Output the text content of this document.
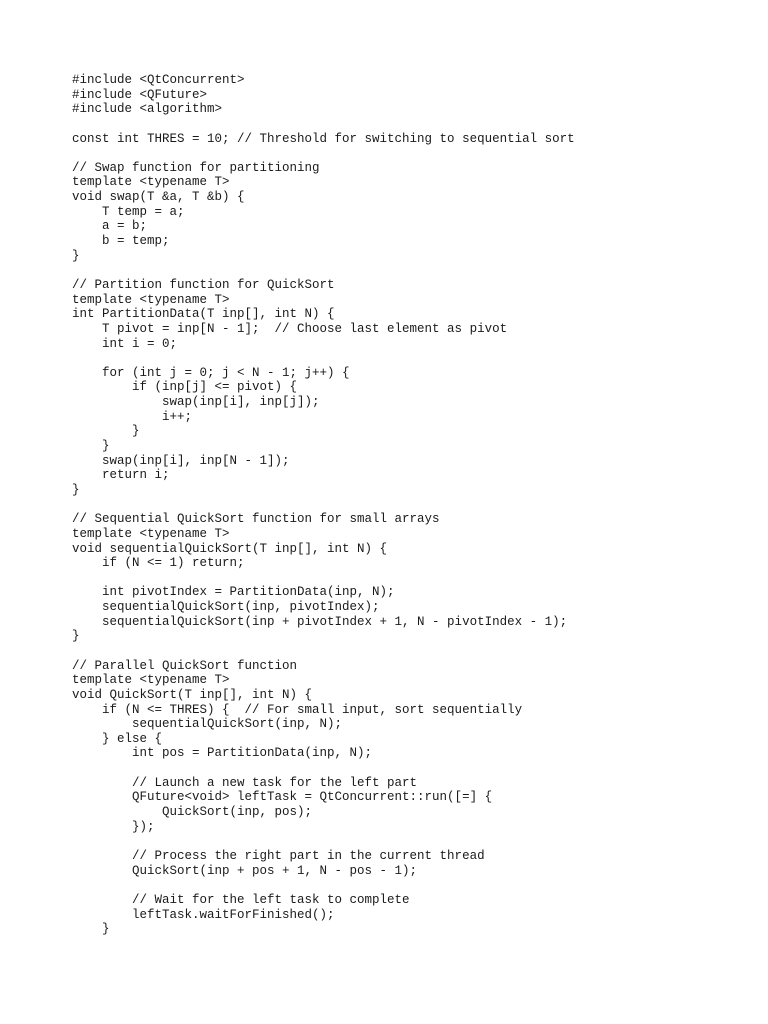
#include <QtConcurrent>
#include <QFuture>
#include <algorithm>
const int THRES = 10; // Threshold for switching to sequential sort
// Swap function for partitioning
template <typename T>
void swap(T &a, T &b) {
T temp = a;
a = b;
b = temp;
}
// Partition function for QuickSort
template <typename T>
int PartitionData(T inp[], int N) {
T pivot = inp[N - 1];  // Choose last element as pivot
int i = 0;
for (int j = 0; j < N - 1; j++) {
if (inp[j] <= pivot) {
swap(inp[i], inp[j]);
i++;
}
}
swap(inp[i], inp[N - 1]);
return i;
}
// Sequential QuickSort function for small arrays
template <typename T>
void sequentialQuickSort(T inp[], int N) {
if (N <= 1) return;
int pivotIndex = PartitionData(inp, N);
sequentialQuickSort(inp, pivotIndex);
sequentialQuickSort(inp + pivotIndex + 1, N - pivotIndex - 1);
}
// Parallel QuickSort function
template <typename T>
void QuickSort(T inp[], int N) {
if (N <= THRES) {  // For small input, sort sequentially
sequentialQuickSort(inp, N);
} else {
int pos = PartitionData(inp, N);
// Launch a new task for the left part
QFuture<void> leftTask = QtConcurrent::run([=] {
QuickSort(inp, pos);
});
// Process the right part in the current thread
QuickSort(inp + pos + 1, N - pos - 1);
// Wait for the left task to complete
leftTask.waitForFinished();
}
